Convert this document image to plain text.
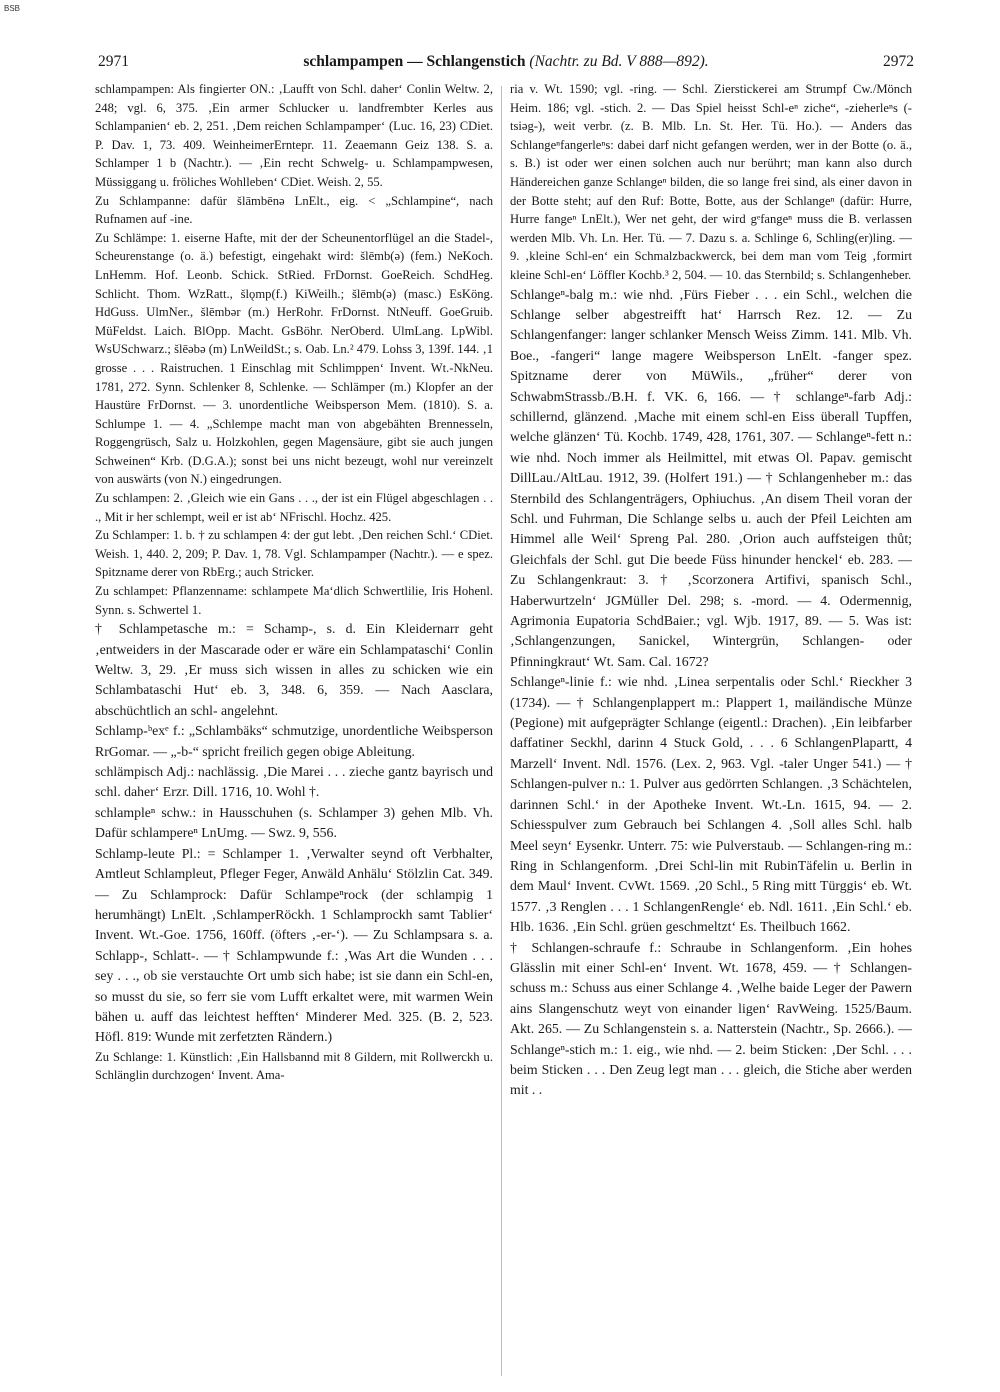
BSB
2971	schlampampen — Schlangenstich (Nachtr. zu Bd. V 888—892).	2972

schlampampen: Als fingierter ON.: ‚Laufft von Schl. daher‘ Conlin Weltw. 2, 248; vgl. 6, 375. ‚Ein armer Schlucker u. landfrembter Kerles aus Schlampanien‘ eb. 2, 251. ‚Dem reichen Schlampamper‘ (Luc. 16, 23) CDiet. P. Dav. 1, 73. 409. WeinheimerErntepr. 11. Zeaemann Geiz 138. S. a. Schlamper 1 b (Nachtr.). — ‚Ein recht Schwelg- u. Schlampampwesen, Müssiggang u. fröliches Wohlleben‘ CDiet. Weish. 2, 55.

Zu Schlampanne: dafür šlāmbēnə LnElt., eig. < „Schlampine“, nach Rufnamen auf -ine.

Zu Schlämpe: 1. eiserne Hafte, mit der der Scheunentorflügel an die Stadel-, Scheurenstange (o. ä.) befestigt, eingehakt wird: šlēmb(ə) (fem.) NeKoch. LnHemm. Hof. Leonb. Schick. StRied. FrDornst. GoeReich. SchdHeg. Schlicht. Thom. WzRatt., šlǫmp(f.) KiWeilh.; šlēmb(ə) (masc.) EsKöng. HdGuss. UlmNer., šlēmbər (m.) HerRohr. FrDornst. NtNeuff. GoeGruib. MüFeldst. Laich. BlOpp. Macht. GsBöhr. NerOberd. UlmLang. LpWibl. WsUSchwarz.; šlēəbə (m) LnWeildSt.; s. Oab. Ln.² 479. Lohss 3, 139f. 144. ‚1 grosse . . . Raistruchen. 1 Einschlag mit Schlimppen‘ Invent. Wt.-NkNeu. 1781, 272. Synn. Schlenker 8, Schlenke. — Schlämper (m.) Klopfer an der Haustüre FrDornst. — 3. unordentliche Weibsperson Mem. (1810). S. a. Schlumpe 1. — 4. „Schlempe macht man von abgebähten Brennesseln, Roggengrüsch, Salz u. Holzkohlen, gegen Magensäure, gibt sie auch jungen Schweinen“ Krb. (D.G.A.); sonst bei uns nicht bezeugt, wohl nur vereinzelt von auswärts (von N.) eingedrungen.

Zu schlampen: 2. ‚Gleich wie ein Gans . . ., der ist ein Flügel abgeschlagen . . ., Mit ir her schlempt, weil er ist ab‘ NFrischl. Hochz. 425.

Zu Schlamper: 1. b. † zu schlampen 4: der gut lebt. ‚Den reichen Schl.‘ CDiet. Weish. 1, 440. 2, 209; P. Dav. 1, 78. Vgl. Schlampamper (Nachtr.). — e spez. Spitzname derer von RbErg.; auch Stricker.

Zu schlampet: Pflanzenname: schlampete Ma‘dlich Schwertlilie, Iris Hohenl. Synn. s. Schwertel 1.

† Schlampetasche m.: = Schamp-, s. d. Ein Kleidernarr geht ‚entweiders in der Mascarade oder er wäre ein Schlampataschi‘ Conlin Weltw. 3, 29. ‚Er muss sich wissen in alles zu schicken wie ein Schlambataschi Hut‘ eb. 3, 348. 6, 359. — Nach Aasclara, abschüchtlich an schl- angelehnt.

Schlamp-ᵇexᵉ f.: „Schlambäks“ schmutzige, unordentliche Weibsperson RrGomar. — „-b-“ spricht freilich gegen obige Ableitung.

schlämpisch Adj.: nachlässig. ‚Die Marei . . . zieche gantz bayrisch und schl. daher‘ Erzr. Dill. 1716, 10. Wohl †.

schlampleⁿ schw.: in Hausschuhen (s. Schlamper 3) gehen Mlb. Vh. Dafür schlampereⁿ LnUmg. — Swz. 9, 556.

Schlamp-leute Pl.: = Schlamper 1. ‚Verwalter seynd oft Verbhalter, Amtleut Schlampleut, Pfleger Feger, Anwäld Anhälu‘ Stölzlin Cat. 349. — Zu Schlamprock: Dafür Schlampeⁿrock (der schlampig 1 herumhängt) LnElt. ‚SchlamperRöckh. 1 Schlamprockh samt Tablier‘ Invent. Wt.-Goe. 1756, 160ff. (öfters ‚-er-‘). — Zu Schlampsara s. a. Schlapp-, Schlatt-. — † Schlampwunde f.: ‚Was Art die Wunden . . . sey . . ., ob sie verstauchte Ort umb sich habe; ist sie dann ein Schl-en, so musst du sie, so ferr sie vom Lufft erkaltet were, mit warmen Wein bähen u. auff das leichtest hefften‘ Minderer Med. 325. (B. 2, 523. Höfl. 819: Wunde mit zerfetzten Rändern.)

Zu Schlange: 1. Künstlich: ‚Ein Hallsbannd mit 8 Gildern, mit Rollwerckh u. Schlänglin durchzogen‘ Invent. Ama-

ria v. Wt. 1590; vgl. -ring. — Schl. Zierstickerei am Strumpf Cw./Mönch Heim. 186; vgl. -stich. 2. — Das Spiel heisst Schl-eⁿ ziche“, -zieherleⁿs (-tsiəg-), weit verbr. (z. B. Mlb. Ln. St. Her. Tü. Ho.). — Anders das Schlangeⁿfangerleⁿs: dabei darf nicht gefangen werden, wer in der Botte (o. ä., s. B.) ist oder wer einen solchen auch nur berührt; man kann also durch Händereichen ganze Schlangeⁿ bilden, die so lange frei sind, als einer davon in der Botte steht; auf den Ruf: Botte, Botte, aus der Schlangeⁿ (dafür: Hurre, Hurre fangeⁿ LnElt.), Wer net geht, der wird gᵉfangeⁿ muss die B. verlassen werden Mlb. Vh. Ln. Her. Tü. — 7. Dazu s. a. Schlinge 6, Schling(er)ling. — 9. ‚kleine Schl-en‘ ein Schmalzbackwerck, bei dem man vom Teig ‚formirt kleine Schl-en‘ Löffler Kochb.³ 2, 504. — 10. das Sternbild; s. Schlangenheber.

Schlangeⁿ-balg m.: wie nhd. ‚Fürs Fieber . . . ein Schl., welchen die Schlange selber abgestreifft hat‘ Harrsch Rez. 12. — Zu Schlangenfanger: langer schlanker Mensch Weiss Zimm. 141. Mlb. Vh. Boe., -fangeri“ lange magere Weibsperson LnElt. -fanger spez. Spitzname derer von MüWils., „früher“ derer von SchwabmStrassb./B.H. f. VK. 6, 166. — † schlangeⁿ-farb Adj.: schillernd, glänzend. ‚Mache mit einem schl-en Eiss überall Tupffen, welche glänzen‘ Tü. Kochb. 1749, 428, 1761, 307. — Schlangeⁿ-fett n.: wie nhd. Noch immer als Heilmittel, mit etwas Ol. Papav. gemischt DillLau./AltLau. 1912, 39. (Holfert 191.) — † Schlangenheber m.: das Sternbild des Schlangenträgers, Ophiuchus. ‚An disem Theil voran der Schl. und Fuhrman, Die Schlange selbs u. auch der Pfeil Leichten am Himmel alle Weil‘ Spreng Pal. 280. ‚Orion auch auffsteigen thůt; Gleichfals der Schl. gut Die beede Füss hinunder henckel‘ eb. 283. — Zu Schlangenkraut: 3. † ‚Scorzonera Artifivi, spanisch Schl., Haberwurtzeln‘ JGMüller Del. 298; s. -mord. — 4. Odermennig, Agrimonia Eupatoria SchdBaier.; vgl. Wjb. 1917, 89. — 5. Was ist: ‚Schlangenzungen, Sanickel, Wintergrün, Schlangen- oder Pfinningkraut‘ Wt. Sam. Cal. 1672?

Schlangeⁿ-linie f.: wie nhd. ‚Linea serpentalis oder Schl.‘ Rieckher 3 (1734). — † Schlangenplappert m.: Plappert 1, mailändische Münze (Pegione) mit aufgeprägter Schlange (eigentl.: Drachen). ‚Ein leibfarber daffatiner Seckhl, darinn 4 Stuck Gold, . . . 6 SchlangenPlapartt, 4 Marzell‘ Invent. Ndl. 1576. (Lex. 2, 963. Vgl. -taler Unger 541.) — † Schlangen-pulver n.: 1. Pulver aus gedörrten Schlangen. ‚3 Schächtelen, darinnen Schl.‘ in der Apotheke Invent. Wt.-Ln. 1615, 94. — 2. Schiesspulver zum Gebrauch bei Schlangen 4. ‚Soll alles Schl. halb Meel seyn‘ Eysenkr. Unterr. 75: wie Pulverstaub. — Schlangen-ring m.: Ring in Schlangenform. ‚Drei Schl-lin mit RubinTäfelin u. Berlin in dem Maul‘ Invent. CvWt. 1569. ‚20 Schl., 5 Ring mitt Türggis‘ eb. Wt. 1577. ‚3 Renglen . . . 1 SchlangenRengle‘ eb. Ndl. 1611. ‚Ein Schl.‘ eb. Hlb. 1636. ‚Ein Schl. grüen geschmeltzt‘ Es. Theilbuch 1662.

† Schlangen-schraufe f.: Schraube in Schlangenform. ‚Ein hohes Glässlin mit einer Schl-en‘ Invent. Wt. 1678, 459. — † Schlangen-schuss m.: Schuss aus einer Schlange 4. ‚Welhe baide Leger der Pawern ains Slangenschutz weyt von einander ligen‘ RavWeing. 1525/Baum. Akt. 265. — Zu Schlangenstein s. a. Natterstein (Nachtr., Sp. 2666.). — Schlangeⁿ-stich m.: 1. eig., wie nhd. — 2. beim Sticken: ‚Der Schl. . . . beim Sticken . . . Den Zeug legt man . . . gleich, die Stiche aber werden mit . .
